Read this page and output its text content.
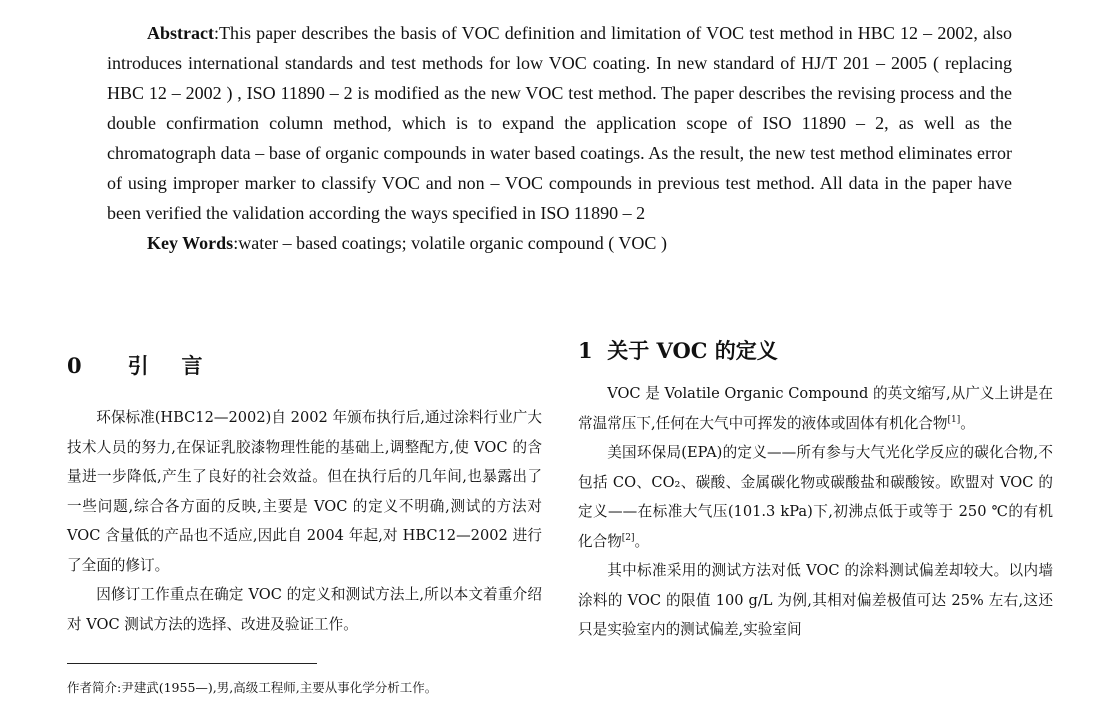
Abstract:This paper describes the basis of VOC definition and limitation of VOC test method in HBC 12 – 2002, also introduces international standards and test methods for low VOC coating. In new standard of HJ/T 201 – 2005 ( replacing HBC 12 – 2002 ) , ISO 11890 – 2 is modified as the new VOC test method. The paper describes the revising process and the double confirmation column method, which is to expand the application scope of ISO 11890 – 2, as well as the chromatograph data – base of organic compounds in water based coatings. As the result, the new test method eliminates error of using improper marker to classify VOC and non – VOC compounds in previous test method. All data in the paper have been verified the validation according the ways specified in ISO 11890 – 2

Key Words:water – based coatings; volatile organic compound ( VOC )

0 引　言

环保标准(HBC12—2002)自 2002 年颁布执行后,通过涂料行业广大技术人员的努力,在保证乳胶漆物理性能的基础上,调整配方,使 VOC 的含量进一步降低,产生了良好的社会效益。但在执行后的几年间,也暴露出了一些问题,综合各方面的反映,主要是 VOC 的定义不明确,测试的方法对 VOC 含量低的产品也不适应,因此自 2004 年起,对 HBC12—2002 进行了全面的修订。

因修订工作重点在确定 VOC 的定义和测试方法上,所以本文着重介绍对 VOC 测试方法的选择、改进及验证工作。

1 关于 VOC 的定义

VOC 是 Volatile Organic Compound 的英文缩写,从广义上讲是在常温常压下,任何在大气中可挥发的液体或固体有机化合物[1]。

美国环保局(EPA)的定义——所有参与大气光化学反应的碳化合物,不包括 CO、CO₂、碳酸、金属碳化物或碳酸盐和碳酸铵。欧盟对 VOC 的定义——在标准大气压(101.3 kPa)下,初沸点低于或等于 250 ℃的有机化合物[2]。

其中标准采用的测试方法对低 VOC 的涂料测试偏差却较大。以内墙涂料的 VOC 的限值 100 g/L 为例,其相对偏差极值可达 25% 左右,这还只是实验室内的测试偏差,实验室间

作者简介:尹建武(1955—),男,高级工程师,主要从事化学分析工作。
